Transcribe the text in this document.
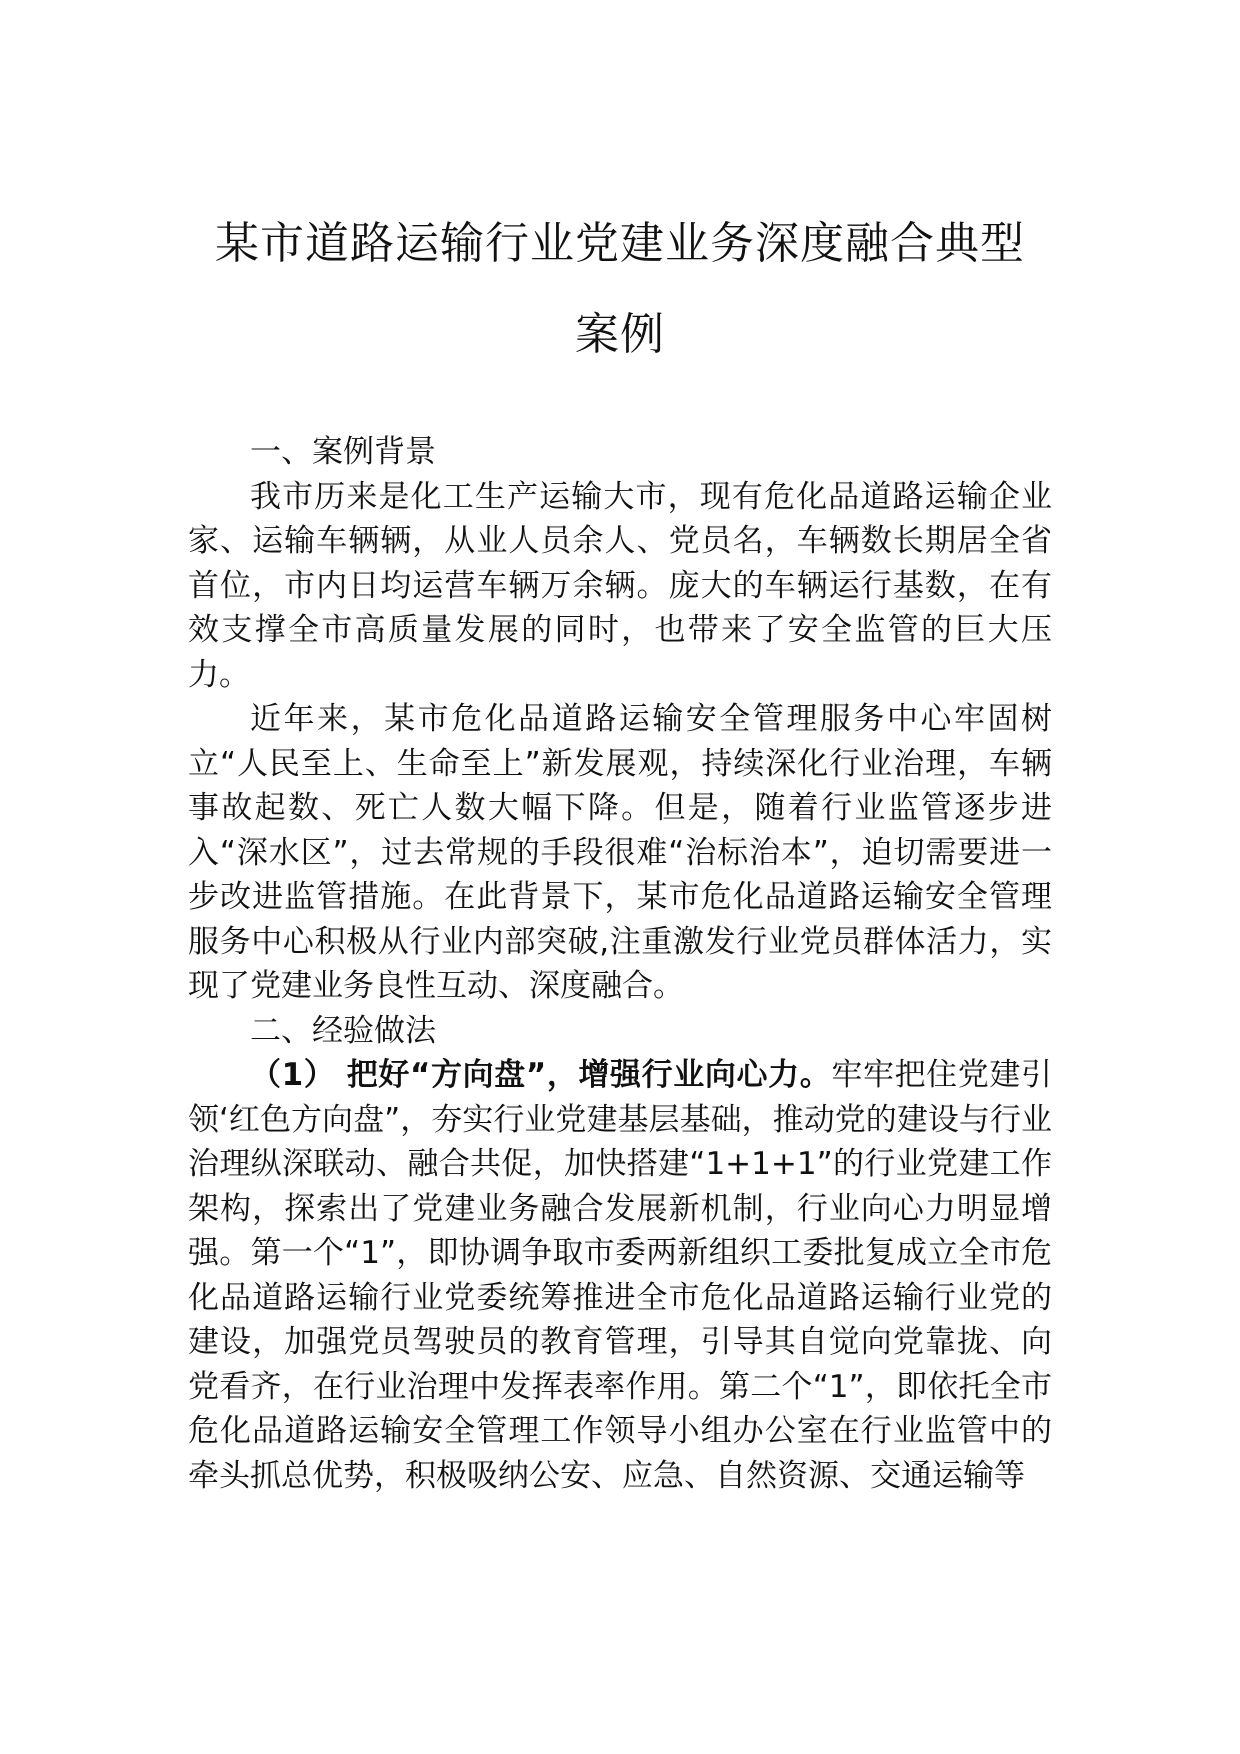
某市道路运输行业党建业务深度融合典型
案例

一、案例背景

我市历来是化工生产运输大市，现有危化品道路运输企业家、运输车辆辆，从业人员余人、党员名，车辆数长期居全省首位，市内日均运营车辆万余辆。庞大的车辆运行基数，在有效支撑全市高质量发展的同时，也带来了安全监管的巨大压力。

近年来，某市危化品道路运输安全管理服务中心牢固树立“人民至上、生命至上”新发展观，持续深化行业治理，车辆事故起数、死亡人数大幅下降。但是，随着行业监管逐步进入“深水区”，过去常规的手段很难“治标治本”，迫切需要进一步改进监管措施。在此背景下，某市危化品道路运输安全管理服务中心积极从行业内部突破,注重激发行业党员群体活力，实现了党建业务良性互动、深度融合。

二、经验做法

（1） 把好“方向盘”，增强行业向心力。牢牢把住党建引领‘红色方向盘”，夯实行业党建基层基础，推动党的建设与行业治理纵深联动、融合共促，加快搭建“1+1+1”的行业党建工作架构，探索出了党建业务融合发展新机制，行业向心力明显增强。第一个“1”，即协调争取市委两新组织工委批复成立全市危化品道路运输行业党委统筹推进全市危化品道路运输行业党的建设，加强党员驾驶员的教育管理，引导其自觉向党靠拢、向党看齐，在行业治理中发挥表率作用。第二个“1”，即依托全市危化品道路运输安全管理工作领导小组办公室在行业监管中的牵头抓总优势，积极吸纳公安、应急、自然资源、交通运输等
